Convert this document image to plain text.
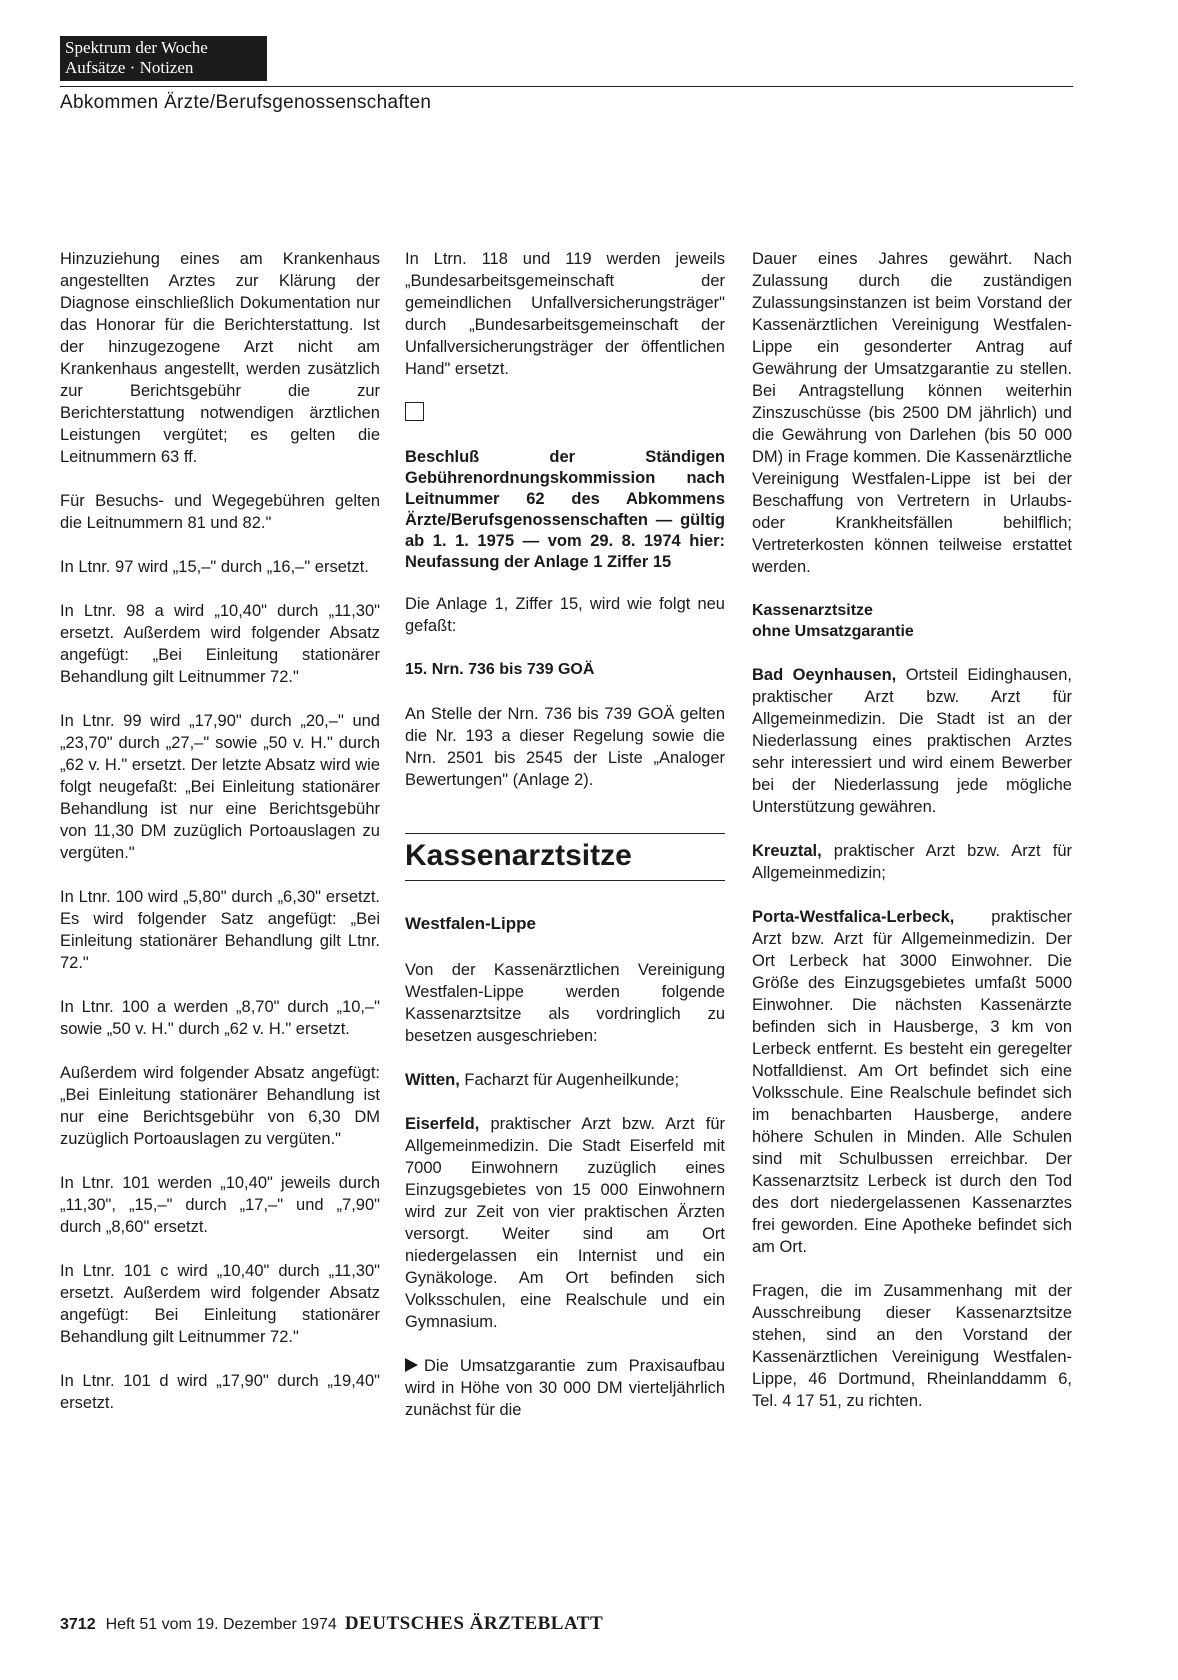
Spektrum der Woche
Aufsätze · Notizen
Abkommen Ärzte/Berufsgenossenschaften

Hinzuziehung eines am Krankenhaus angestellten Arztes zur Klärung der Diagnose einschließlich Dokumentation nur das Honorar für die Berichterstattung. Ist der hinzugezogene Arzt nicht am Krankenhaus angestellt, werden zusätzlich zur Berichtsgebühr die zur Berichterstattung notwendigen ärztlichen Leistungen vergütet; es gelten die Leitnummern 63 ff.

Für Besuchs- und Wegegebühren gelten die Leitnummern 81 und 82."

In Ltnr. 97 wird „15,–" durch „16,–" ersetzt.

In Ltnr. 98 a wird „10,40" durch „11,30" ersetzt. Außerdem wird folgender Absatz angefügt: „Bei Einleitung stationärer Behandlung gilt Leitnummer 72."

In Ltnr. 99 wird „17,90" durch „20,–" und „23,70" durch „27,–" sowie „50 v. H." durch „62 v. H." ersetzt. Der letzte Absatz wird wie folgt neugefaßt: „Bei Einleitung stationärer Behandlung ist nur eine Berichtsgebühr von 11,30 DM zuzüglich Portoauslagen zu vergüten."

In Ltnr. 100 wird „5,80" durch „6,30" ersetzt. Es wird folgender Satz angefügt: „Bei Einleitung stationärer Behandlung gilt Ltnr. 72."

In Ltnr. 100 a werden „8,70" durch „10,–" sowie „50 v. H." durch „62 v. H." ersetzt.

Außerdem wird folgender Absatz angefügt: „Bei Einleitung stationärer Behandlung ist nur eine Berichtsgebühr von 6,30 DM zuzüglich Portoauslagen zu vergüten."

In Ltnr. 101 werden „10,40" jeweils durch „11,30", „15,–" durch „17,–" und „7,90" durch „8,60" ersetzt.

In Ltnr. 101 c wird „10,40" durch „11,30" ersetzt. Außerdem wird folgender Absatz angefügt: Bei Einleitung stationärer Behandlung gilt Leitnummer 72."

In Ltnr. 101 d wird „17,90" durch „19,40" ersetzt.

In Ltrn. 118 und 119 werden jeweils „Bundesarbeitsgemeinschaft der gemeindlichen Unfallversicherungsträger" durch „Bundesarbeitsgemeinschaft der Unfallversicherungsträger der öffentlichen Hand" ersetzt.

Beschluß der Ständigen Gebührenordnungskommission nach Leitnummer 62 des Abkommens Ärzte/Berufsgenossenschaften — gültig ab 1. 1. 1975 — vom 29. 8. 1974 hier: Neufassung der Anlage 1 Ziffer 15

Die Anlage 1, Ziffer 15, wird wie folgt neu gefaßt:

15. Nrn. 736 bis 739 GOÄ

An Stelle der Nrn. 736 bis 739 GOÄ gelten die Nr. 193 a dieser Regelung sowie die Nrn. 2501 bis 2545 der Liste „Analoger Bewertungen" (Anlage 2).

Kassenarztsitze
Westfalen-Lippe

Von der Kassenärztlichen Vereinigung Westfalen-Lippe werden folgende Kassenarztsitze als vordringlich zu besetzen ausgeschrieben:

Witten, Facharzt für Augenheilkunde;

Eiserfeld, praktischer Arzt bzw. Arzt für Allgemeinmedizin. Die Stadt Eiserfeld mit 7000 Einwohnern zuzüglich eines Einzugsgebietes von 15 000 Einwohnern wird zur Zeit von vier praktischen Ärzten versorgt. Weiter sind am Ort niedergelassen ein Internist und ein Gynäkologe. Am Ort befinden sich Volksschulen, eine Realschule und ein Gymnasium.

Die Umsatzgarantie zum Praxisaufbau wird in Höhe von 30 000 DM vierteljährlich zunächst für die

Dauer eines Jahres gewährt. Nach Zulassung durch die zuständigen Zulassungsinstanzen ist beim Vorstand der Kassenärztlichen Vereinigung Westfalen-Lippe ein gesonderter Antrag auf Gewährung der Umsatzgarantie zu stellen. Bei Antragstellung können weiterhin Zinszuschüsse (bis 2500 DM jährlich) und die Gewährung von Darlehen (bis 50 000 DM) in Frage kommen. Die Kassenärztliche Vereinigung Westfalen-Lippe ist bei der Beschaffung von Vertretern in Urlaubs- oder Krankheitsfällen behilflich; Vertreterkosten können teilweise erstattet werden.

Kassenarztsitze
ohne Umsatzgarantie

Bad Oeynhausen, Ortsteil Eidinghausen, praktischer Arzt bzw. Arzt für Allgemeinmedizin. Die Stadt ist an der Niederlassung eines praktischen Arztes sehr interessiert und wird einem Bewerber bei der Niederlassung jede mögliche Unterstützung gewähren.

Kreuztal, praktischer Arzt bzw. Arzt für Allgemeinmedizin;

Porta-Westfalica-Lerbeck, praktischer Arzt bzw. Arzt für Allgemeinmedizin. Der Ort Lerbeck hat 3000 Einwohner. Die Größe des Einzugsgebietes umfaßt 5000 Einwohner. Die nächsten Kassenärzte befinden sich in Hausberge, 3 km von Lerbeck entfernt. Es besteht ein geregelter Notfalldienst. Am Ort befindet sich eine Volksschule. Eine Realschule befindet sich im benachbarten Hausberge, andere höhere Schulen in Minden. Alle Schulen sind mit Schulbussen erreichbar. Der Kassenarztsitz Lerbeck ist durch den Tod des dort niedergelassenen Kassenarztes frei geworden. Eine Apotheke befindet sich am Ort.

Fragen, die im Zusammenhang mit der Ausschreibung dieser Kassenarztsitze stehen, sind an den Vorstand der Kassenärztlichen Vereinigung Westfalen-Lippe, 46 Dortmund, Rheinlanddamm 6, Tel. 4 17 51, zu richten.

3712 Heft 51 vom 19. Dezember 1974 DEUTSCHES ÄRZTEBLATT
